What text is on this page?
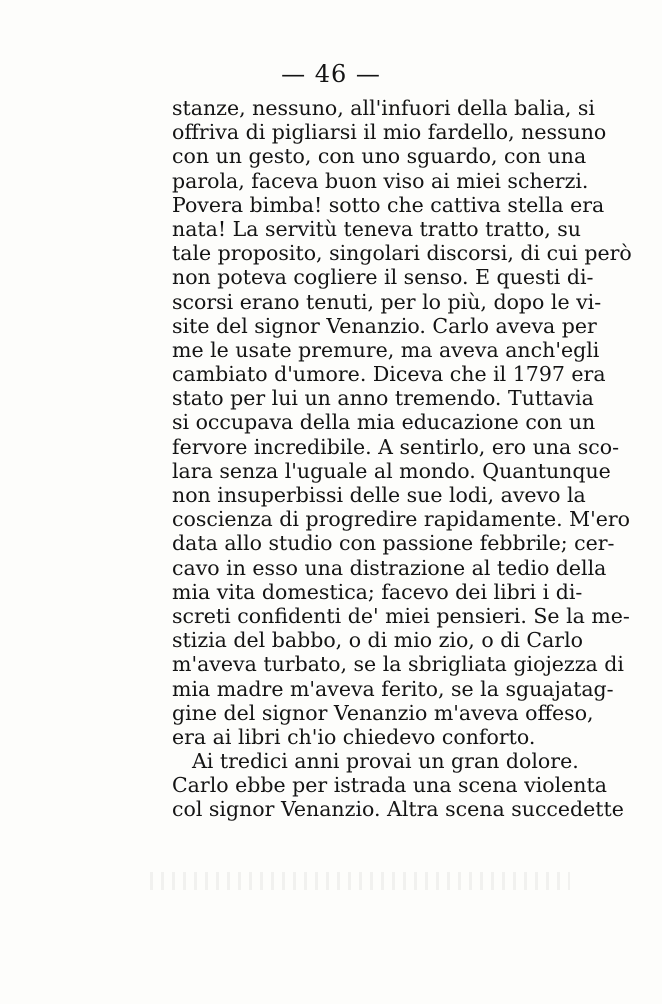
— 46 —
stanze, nessuno, all'infuori della balia, si
offriva di pigliarsi il mio fardello, nessuno
con un gesto, con uno sguardo, con una
parola, faceva buon viso ai miei scherzi.
Povera bimba! sotto che cattiva stella era
nata! La servitù teneva tratto tratto, su
tale proposito, singolari discorsi, di cui però
non poteva cogliere il senso. E questi di-
scorsi erano tenuti, per lo più, dopo le vi-
site del signor Venanzio. Carlo aveva per
me le usate premure, ma aveva anch'egli
cambiato d'umore. Diceva che il 1797 era
stato per lui un anno tremendo. Tuttavia
si occupava della mia educazione con un
fervore incredibile. A sentirlo, ero una sco-
lara senza l'uguale al mondo. Quantunque
non insuperbissi delle sue lodi, avevo la
coscienza di progredire rapidamente. M'ero
data allo studio con passione febbrile; cer-
cavo in esso una distrazione al tedio della
mia vita domestica; facevo dei libri i di-
screti confidenti de' miei pensieri. Se la me-
stizia del babbo, o di mio zio, o di Carlo
m'aveva turbato, se la sbrigliata giojezza di
mia madre m'aveva ferito, se la sguajatag-
gine del signor Venanzio m'aveva offeso,
era ai libri ch'io chiedevo conforto.
Ai tredici anni provai un gran dolore.
Carlo ebbe per istrada una scena violenta
col signor Venanzio. Altra scena succedette
